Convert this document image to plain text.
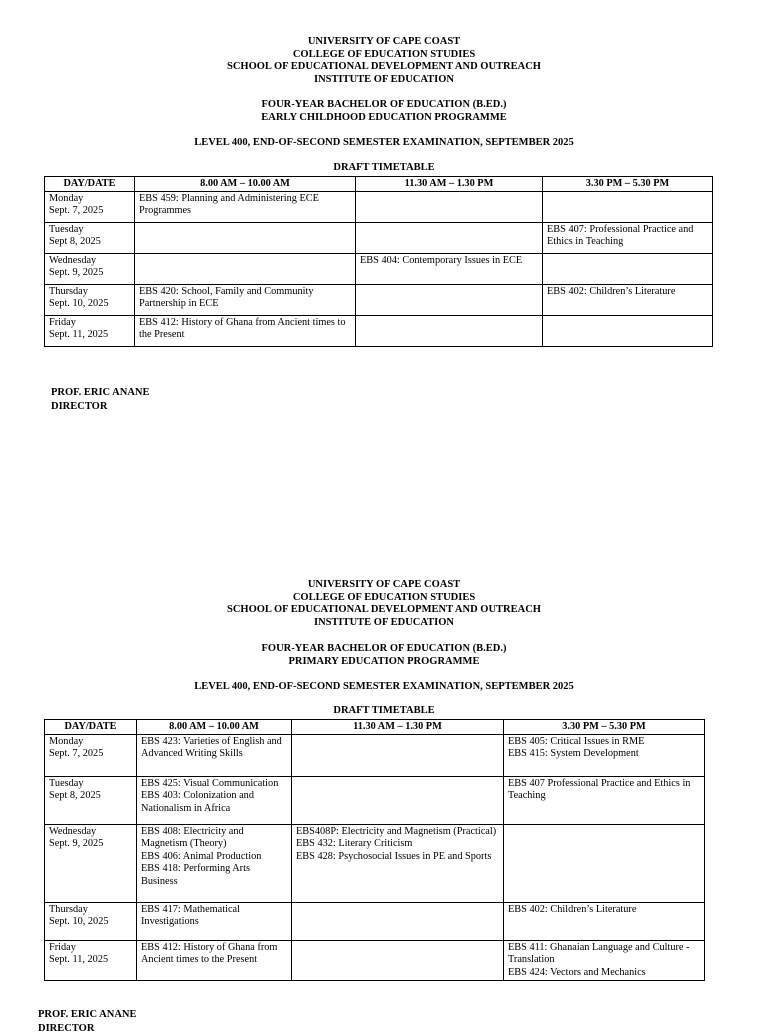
UNIVERSITY OF CAPE COAST
COLLEGE OF EDUCATION STUDIES
SCHOOL OF EDUCATIONAL DEVELOPMENT AND OUTREACH
INSTITUTE OF EDUCATION
FOUR-YEAR BACHELOR OF EDUCATION (B.ED.)
EARLY CHILDHOOD EDUCATION PROGRAMME
LEVEL 400, END-OF-SECOND SEMESTER EXAMINATION, SEPTEMBER 2025
DRAFT TIMETABLE
DAY/DATE	8.00 AM – 10.00 AM	11.30 AM – 1.30 PM	3.30 PM – 5.30 PM

Monday
Sept. 7, 2025	EBS 459: Planning and Administering ECE Programmes		

Tuesday
Sept 8, 2025			EBS 407: Professional Practice and Ethics in Teaching

Wednesday
Sept. 9, 2025		EBS 404: Contemporary Issues in ECE	

Thursday
Sept. 10, 2025	EBS 420: School, Family and Community Partnership in ECE		EBS 402: Children’s Literature

Friday
Sept. 11, 2025	EBS 412: History of Ghana from Ancient times to the Present		

PROF. ERIC ANANE
DIRECTOR
UNIVERSITY OF CAPE COAST
COLLEGE OF EDUCATION STUDIES
SCHOOL OF EDUCATIONAL DEVELOPMENT AND OUTREACH
INSTITUTE OF EDUCATION
FOUR-YEAR BACHELOR OF EDUCATION (B.ED.)
PRIMARY EDUCATION PROGRAMME
LEVEL 400, END-OF-SECOND SEMESTER EXAMINATION, SEPTEMBER 2025
DRAFT TIMETABLE
DAY/DATE	8.00 AM – 10.00 AM	11.30 AM – 1.30 PM	3.30 PM – 5.30 PM

Monday
Sept. 7, 2025	EBS 423: Varieties of English and Advanced Writing Skills		EBS 405: Critical Issues in RME
EBS 415: System Development

Tuesday
Sept 8, 2025	EBS 425: Visual Communication
EBS 403: Colonization and Nationalism in Africa		EBS 407 Professional Practice and Ethics in Teaching

Wednesday
Sept. 9, 2025	EBS 408: Electricity and Magnetism (Theory)
EBS 406: Animal Production
EBS 418: Performing Arts Business	EBS408P: Electricity and Magnetism (Practical)
EBS 432: Literary Criticism
EBS 428: Psychosocial Issues in PE and Sports	

Thursday
Sept. 10, 2025	EBS 417: Mathematical Investigations		EBS 402: Children’s Literature

Friday
Sept. 11, 2025	EBS 412: History of Ghana from Ancient times to the Present		EBS 411: Ghanaian Language and Culture -Translation
EBS 424: Vectors and Mechanics
PROF. ERIC ANANE
DIRECTOR
